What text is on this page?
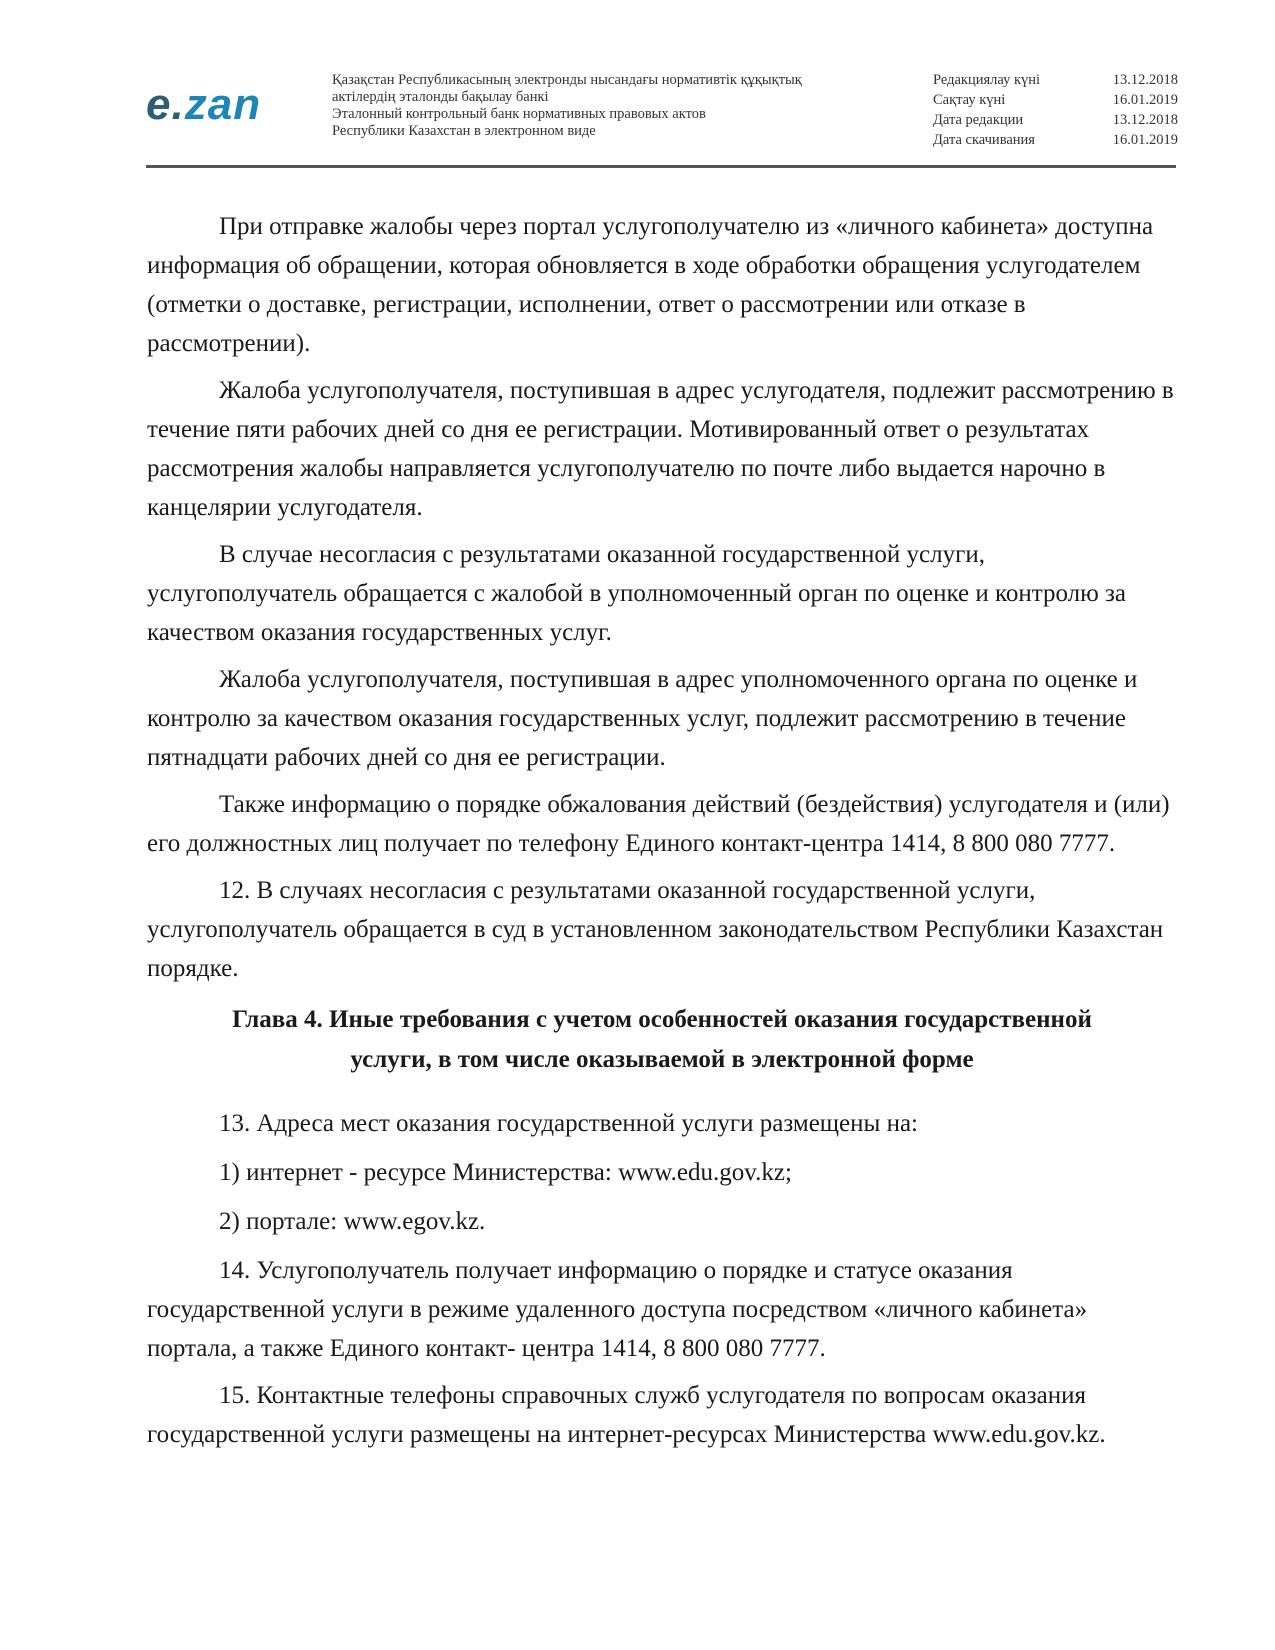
e.zan	Қазақстан Республикасының электронды нысандағы нормативтік құқықтық
актілердің эталонды бақылау банкі
Эталонный контрольный банк нормативных правовых актов
Республики Казахстан в электронном виде
Редакциялау күні	13.12.2018
Сақтау күні	16.01.2019
Дата редакции	13.12.2018
Дата скачивания	16.01.2019

При отправке жалобы через портал услугополучателю из «личного кабинета» доступна информация об обращении, которая обновляется в ходе обработки обращения услугодателем (отметки о доставке, регистрации, исполнении, ответ о рассмотрении или отказе в рассмотрении).

Жалоба услугополучателя, поступившая в адрес услугодателя, подлежит рассмотрению в течение пяти рабочих дней со дня ее регистрации. Мотивированный ответ о результатах рассмотрения жалобы направляется услугополучателю по почте либо выдается нарочно в канцелярии услугодателя.

В случае несогласия с результатами оказанной государственной услуги, услугополучатель обращается с жалобой в уполномоченный орган по оценке и контролю за качеством оказания государственных услуг.

Жалоба услугополучателя, поступившая в адрес уполномоченного органа по оценке и контролю за качеством оказания государственных услуг, подлежит рассмотрению в течение пятнадцати рабочих дней со дня ее регистрации.

Также информацию о порядке обжалования действий (бездействия) услугодателя и (или) его должностных лиц получает по телефону Единого контакт-центра 1414, 8 800 080 7777.

12. В случаях несогласия с результатами оказанной государственной услуги, услугополучатель обращается в суд в установленном законодательством Республики Казахстан порядке.

Глава 4. Иные требования с учетом особенностей оказания государственной
услуги, в том числе оказываемой в электронной форме

13. Адреса мест оказания государственной услуги размещены на:

1) интернет - ресурсе Министерства: www.edu.gov.kz;

2) портале: www.egov.kz.

14. Услугополучатель получает информацию о порядке и статусе оказания государственной услуги в режиме удаленного доступа посредством «личного кабинета» портала, а также Единого контакт- центра 1414, 8 800 080 7777.

15. Контактные телефоны справочных служб услугодателя по вопросам оказания государственной услуги размещены на интернет-ресурсах Министерства www.edu.gov.kz.
